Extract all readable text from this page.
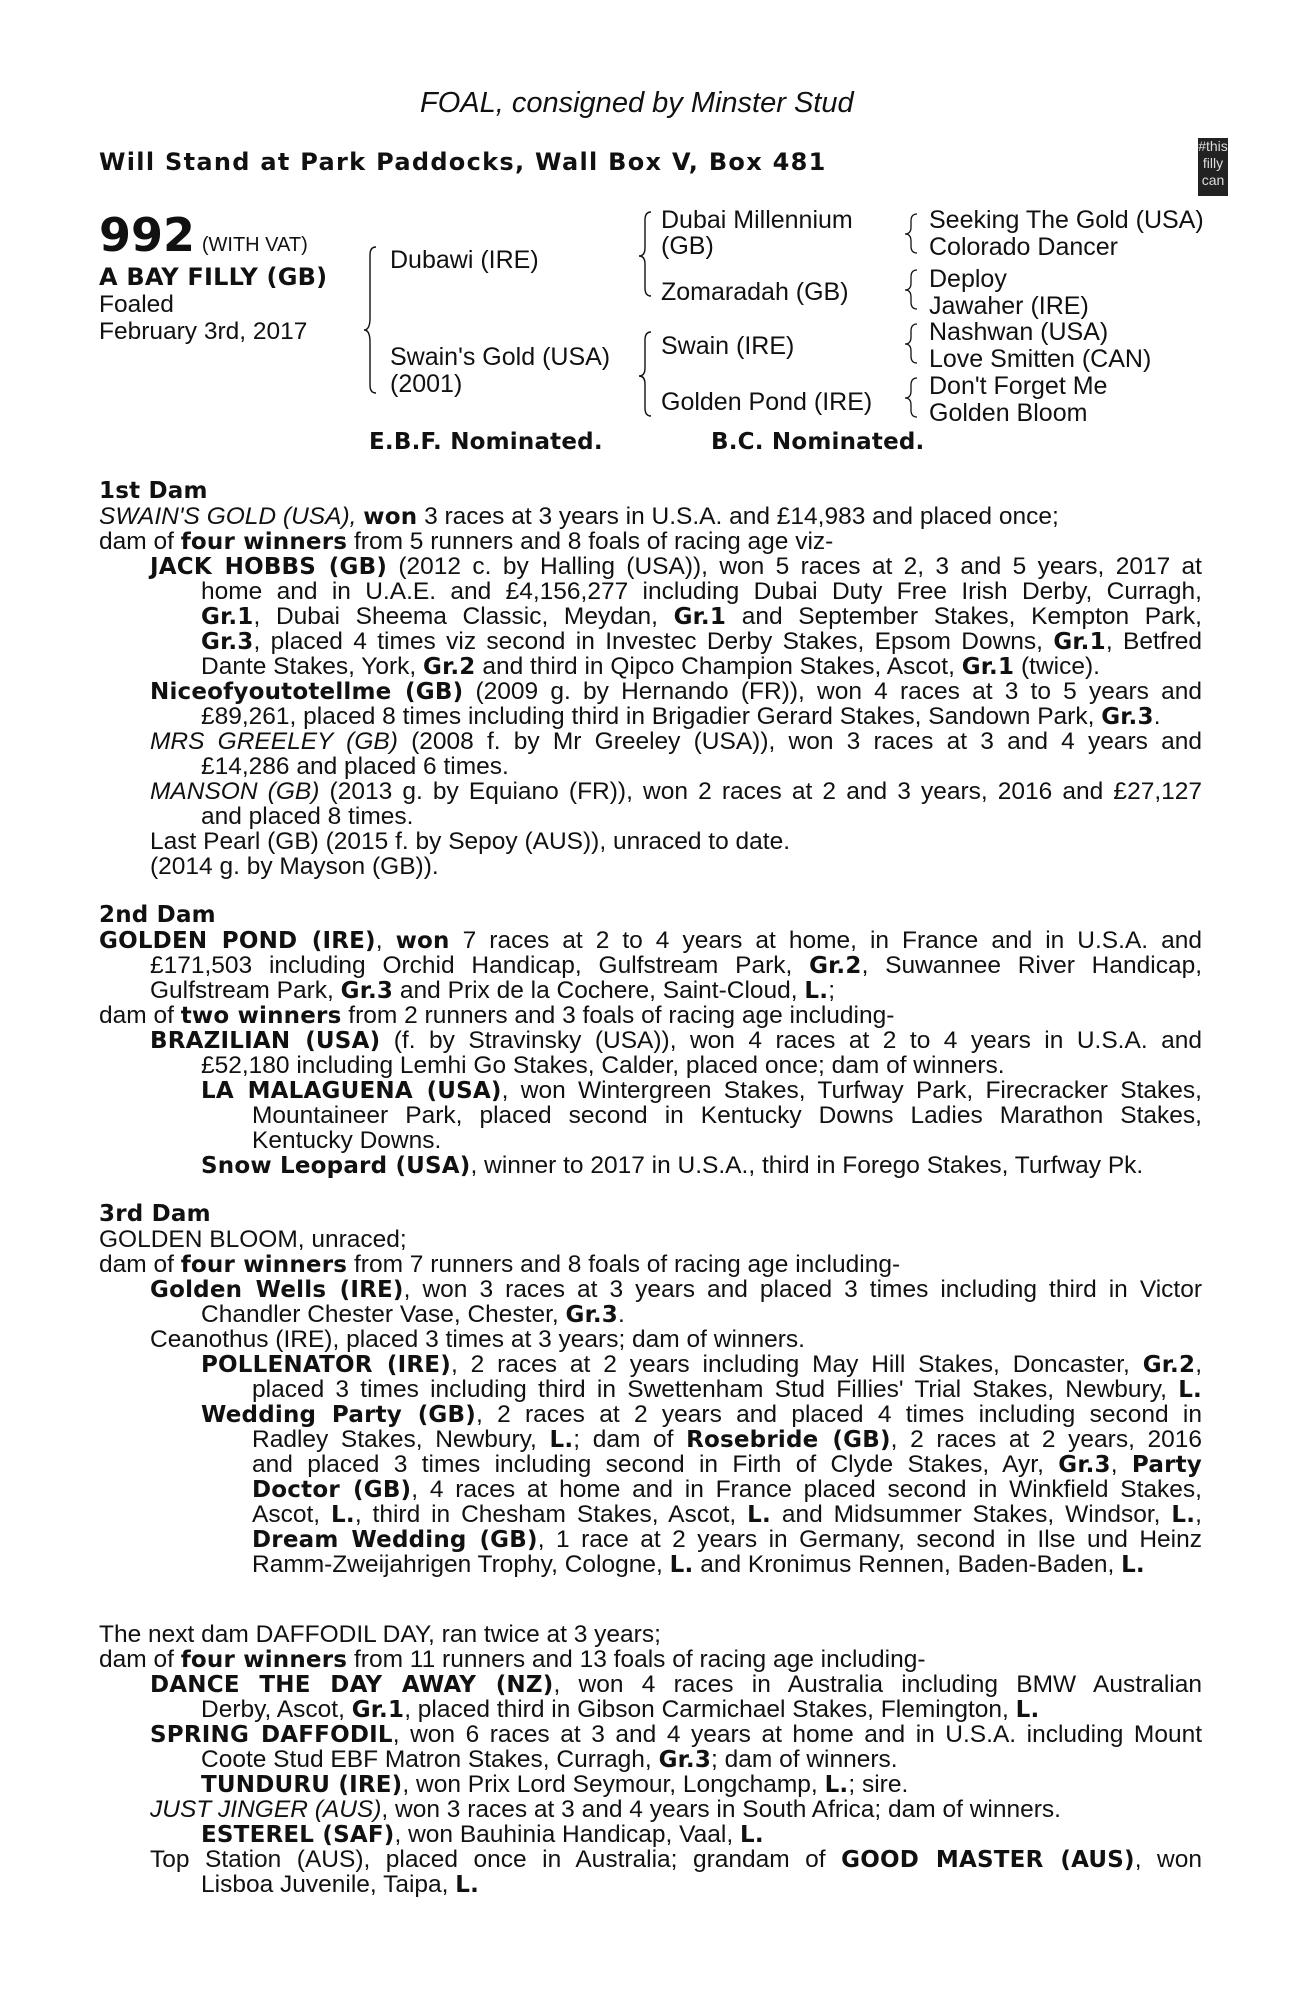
FOAL, consigned by Minster Stud
Will Stand at Park Paddocks, Wall Box V, Box 481
#this
filly
can
992 (WITH VAT)
A BAY FILLY (GB)
Foaled
February 3rd, 2017
Dubawi (IRE)
Swain's Gold (USA)
(2001)
Dubai Millennium
(GB)
Zomaradah (GB)
Swain (IRE)
Golden Pond (IRE)
Seeking The Gold (USA)
Colorado Dancer
Deploy
Jawaher (IRE)
Nashwan (USA)
Love Smitten (CAN)
Don't Forget Me
Golden Bloom
E.B.F. Nominated.	B.C. Nominated.
1st Dam
SWAIN'S GOLD (USA), won 3 races at 3 years in U.S.A. and £14,983 and placed once;
dam of four winners from 5 runners and 8 foals of racing age viz-
JACK HOBBS (GB) (2012 c. by Halling (USA)), won 5 races at 2, 3 and 5 years, 2017 at
home and in U.A.E. and £4,156,277 including Dubai Duty Free Irish Derby, Curragh,
Gr.1, Dubai Sheema Classic, Meydan, Gr.1 and September Stakes, Kempton Park,
Gr.3, placed 4 times viz second in Investec Derby Stakes, Epsom Downs, Gr.1, Betfred
Dante Stakes, York, Gr.2 and third in Qipco Champion Stakes, Ascot, Gr.1 (twice).
Niceofyoutotellme (GB) (2009 g. by Hernando (FR)), won 4 races at 3 to 5 years and
£89,261, placed 8 times including third in Brigadier Gerard Stakes, Sandown Park, Gr.3.
MRS GREELEY (GB) (2008 f. by Mr Greeley (USA)), won 3 races at 3 and 4 years and
£14,286 and placed 6 times.
MANSON (GB) (2013 g. by Equiano (FR)), won 2 races at 2 and 3 years, 2016 and £27,127
and placed 8 times.
Last Pearl (GB) (2015 f. by Sepoy (AUS)), unraced to date.
(2014 g. by Mayson (GB)).
2nd Dam
GOLDEN POND (IRE), won 7 races at 2 to 4 years at home, in France and in U.S.A. and
£171,503 including Orchid Handicap, Gulfstream Park, Gr.2, Suwannee River Handicap,
Gulfstream Park, Gr.3 and Prix de la Cochere, Saint-Cloud, L.;
dam of two winners from 2 runners and 3 foals of racing age including-
BRAZILIAN (USA) (f. by Stravinsky (USA)), won 4 races at 2 to 4 years in U.S.A. and
£52,180 including Lemhi Go Stakes, Calder, placed once; dam of winners.
LA MALAGUENA (USA), won Wintergreen Stakes, Turfway Park, Firecracker Stakes,
Mountaineer Park, placed second in Kentucky Downs Ladies Marathon Stakes,
Kentucky Downs.
Snow Leopard (USA), winner to 2017 in U.S.A., third in Forego Stakes, Turfway Pk.
3rd Dam
GOLDEN BLOOM, unraced;
dam of four winners from 7 runners and 8 foals of racing age including-
Golden Wells (IRE), won 3 races at 3 years and placed 3 times including third in Victor
Chandler Chester Vase, Chester, Gr.3.
Ceanothus (IRE), placed 3 times at 3 years; dam of winners.
POLLENATOR (IRE), 2 races at 2 years including May Hill Stakes, Doncaster, Gr.2,
placed 3 times including third in Swettenham Stud Fillies' Trial Stakes, Newbury, L.
Wedding Party (GB), 2 races at 2 years and placed 4 times including second in
Radley Stakes, Newbury, L.; dam of Rosebride (GB), 2 races at 2 years, 2016
and placed 3 times including second in Firth of Clyde Stakes, Ayr, Gr.3, Party
Doctor (GB), 4 races at home and in France placed second in Winkfield Stakes,
Ascot, L., third in Chesham Stakes, Ascot, L. and Midsummer Stakes, Windsor, L.,
Dream Wedding (GB), 1 race at 2 years in Germany, second in Ilse und Heinz
Ramm-Zweijahrigen Trophy, Cologne, L. and Kronimus Rennen, Baden-Baden, L.
The next dam DAFFODIL DAY, ran twice at 3 years;
dam of four winners from 11 runners and 13 foals of racing age including-
DANCE THE DAY AWAY (NZ), won 4 races in Australia including BMW Australian
Derby, Ascot, Gr.1, placed third in Gibson Carmichael Stakes, Flemington, L.
SPRING DAFFODIL, won 6 races at 3 and 4 years at home and in U.S.A. including Mount
Coote Stud EBF Matron Stakes, Curragh, Gr.3; dam of winners.
TUNDURU (IRE), won Prix Lord Seymour, Longchamp, L.; sire.
JUST JINGER (AUS), won 3 races at 3 and 4 years in South Africa; dam of winners.
ESTEREL (SAF), won Bauhinia Handicap, Vaal, L.
Top Station (AUS), placed once in Australia; grandam of GOOD MASTER (AUS), won
Lisboa Juvenile, Taipa, L.
